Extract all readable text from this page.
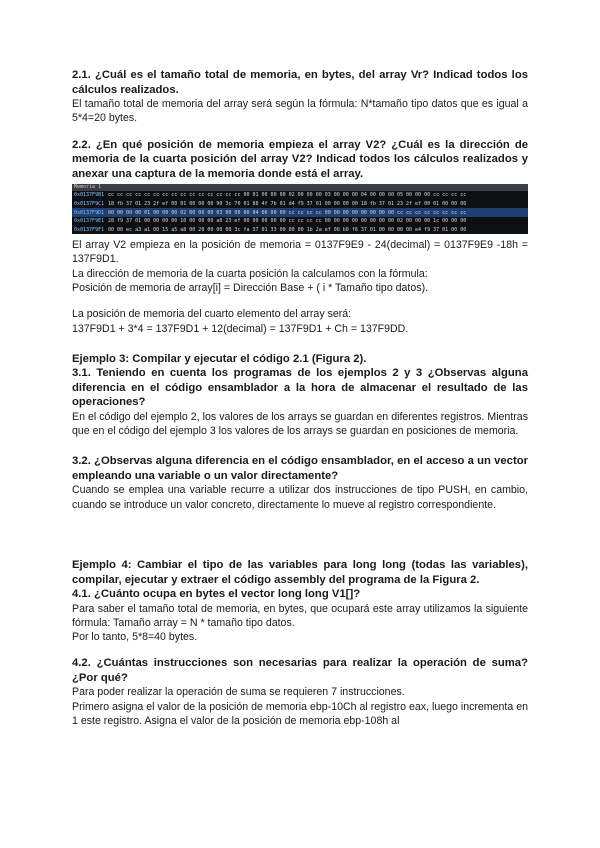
2.1. ¿Cuál es el tamaño total de memoria, en bytes, del array Vr? Indicad todos los cálculos realizados.

El tamaño total de memoria del array será según la fórmula: N*tamaño tipo datos que es igual a 5*4=20 bytes.

2.2. ¿En qué posición de memoria empieza el array V2? ¿Cuál es la dirección de memoria de la cuarta posición del array V2? Indicad todos los cálculos realizados y anexar una captura de la memoria donde está el array.

Memoria 1
0x0137F9B1 cc cc cc cc cc cc cc cc cc cc cc cc cc cc cc 00 01 00 00 00 02 00 00 00 03 00 00 00 04 00 00 00 05 00 00 00 cc cc cc cc
0x0137F9C1 18 fb 37 01 23 2f ef 00 01 00 00 00 90 3c 70 01 88 4f 7b 01 d4 f9 37 01 00 00 00 00 18 fb 37 01 23 2f ef 00 01 00 00 00
0x0137F9D1 00 00 00 00 01 00 00 00 02 00 00 00 03 00 00 00 04 00 00 00 cc cc cc cc 00 00 00 00 00 00 00 00 cc cc cc cc cc cc cc cc
0x0137F9E1 28 f9 37 01 00 00 00 00 10 00 00 00 a0 23 ef 00 00 00 00 00 cc cc cc cc 00 00 00 00 00 00 00 00 02 00 00 00 1c 00 00 00
0x0137F9F1 00 00 ec a3 a1 00 15 a5 a8 00 20 00 00 00 3c fa 37 01 33 00 00 00 1b 2a ef 00 b0 f6 37 01 00 00 00 00 e4 f9 37 01 00 00

El array V2 empieza en la posición de memoria = 0137F9E9 - 24(decimal) = 0137F9E9 -18h = 137F9D1.

La dirección de memoria de la cuarta posición la calculamos con la fórmula:

Posición de memoria de array[i] = Dirección Base + ( i * Tamaño tipo datos).

La posición de memoria del cuarto elemento del array será:

137F9D1 + 3*4 = 137F9D1 + 12(decimal) = 137F9D1 + Ch = 137F9DD.

Ejemplo 3: Compilar y ejecutar el código 2.1 (Figura 2).

3.1. Teniendo en cuenta los programas de los ejemplos 2 y 3 ¿Observas alguna diferencia en el código ensamblador a la hora de almacenar el resultado de las operaciones?

En el código del ejemplo 2, los valores de los arrays se guardan en diferentes registros. Mientras que en el código del ejemplo 3 los valores de los arrays se guardan en posiciones de memoria.

3.2. ¿Observas alguna diferencia en el código ensamblador, en el acceso a un vector empleando una variable o un valor directamente?

Cuando se emplea una variable recurre a utilizar dos instrucciones de tipo PUSH, en cambio, cuando se introduce un valor concreto, directamente lo mueve al registro correspondiente.

Ejemplo 4: Cambiar el tipo de las variables para long long (todas las variables), compilar, ejecutar y extraer el código assembly del programa de la Figura 2.

4.1. ¿Cuánto ocupa en bytes el vector long long V1[]?

Para saber el tamaño total de memoria, en bytes, que ocupará este array utilizamos la siguiente fórmula: Tamaño array = N * tamaño tipo datos.

Por lo tanto, 5*8=40 bytes.

4.2. ¿Cuántas instrucciones son necesarias para realizar la operación de suma? ¿Por qué?

Para poder realizar la operación de suma se requieren 7 instrucciones.

Primero asigna el valor de la posición de memoria ebp-10Ch al registro eax, luego incrementa en 1 este registro. Asigna el valor de la posición de memoria ebp-108h al
